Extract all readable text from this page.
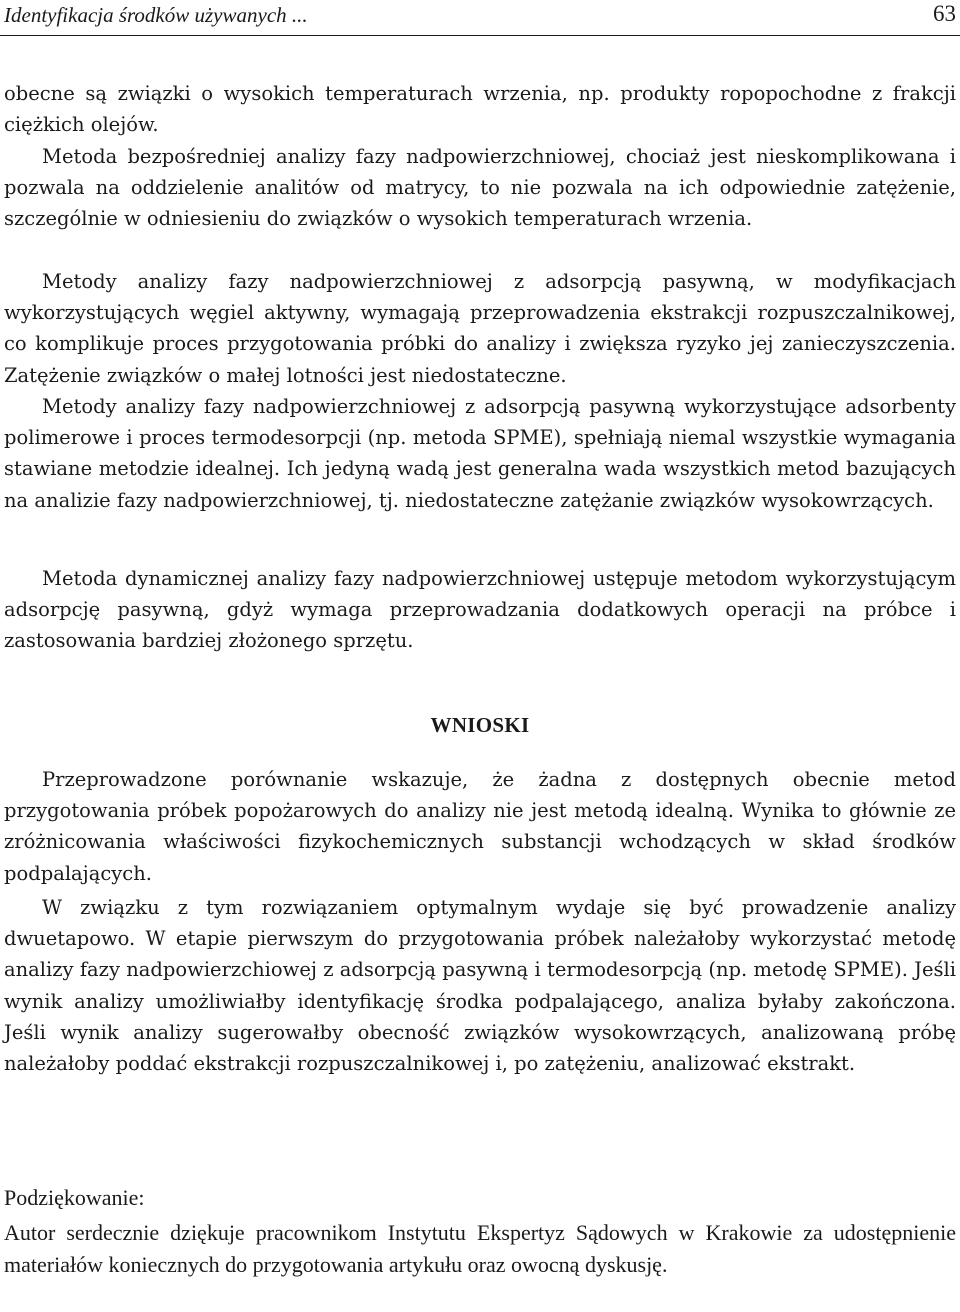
Identyfikacja środków używanych ...	63

obecne są związki o wysokich temperaturach wrzenia, np. produkty ropopochodne z frakcji ciężkich olejów.

Metoda bezpośredniej analizy fazy nadpowierzchniowej, chociaż jest nieskomplikowana i pozwala na oddzielenie analitów od matrycy, to nie pozwala na ich odpowiednie zatężenie, szczególnie w odniesieniu do związków o wysokich temperaturach wrzenia.

Metody analizy fazy nadpowierzchniowej z adsorpcją pasywną, w modyfikacjach wykorzystujących węgiel aktywny, wymagają przeprowadzenia ekstrakcji rozpuszczalnikowej, co komplikuje proces przygotowania próbki do analizy i zwiększa ryzyko jej zanieczyszczenia. Zatężenie związków o małej lotności jest niedostateczne.

Metody analizy fazy nadpowierzchniowej z adsorpcją pasywną wykorzystujące adsorbenty polimerowe i proces termodesorpcji (np. metoda SPME), spełniają niemal wszystkie wymagania stawiane metodzie idealnej. Ich jedyną wadą jest generalna wada wszystkich metod bazujących na analizie fazy nadpowierzchniowej, tj. niedostateczne zatężanie związków wysokowrzących.

Metoda dynamicznej analizy fazy nadpowierzchniowej ustępuje metodom wykorzystującym adsorpcję pasywną, gdyż wymaga przeprowadzania dodatkowych operacji na próbce i zastosowania bardziej złożonego sprzętu.

WNIOSKI

Przeprowadzone porównanie wskazuje, że żadna z dostępnych obecnie metod przygotowania próbek popożarowych do analizy nie jest metodą idealną. Wynika to głównie ze zróżnicowania właściwości fizykochemicznych substancji wchodzących w skład środków podpalających.

W związku z tym rozwiązaniem optymalnym wydaje się być prowadzenie analizy dwuetapowo. W etapie pierwszym do przygotowania próbek należałoby wykorzystać metodę analizy fazy nadpowierzchiowej z adsorpcją pasywną i termodesorpcją (np. metodę SPME). Jeśli wynik analizy umożliwiałby identyfikację środka podpalającego, analiza byłaby zakończona. Jeśli wynik analizy sugerowałby obecność związków wysokowrzących, analizowaną próbę należałoby poddać ekstrakcji rozpuszczalnikowej i, po zatężeniu, analizować ekstrakt.

Podziękowanie:

Autor serdecznie dziękuje pracownikom Instytutu Ekspertyz Sądowych w Krakowie za udostępnienie materiałów koniecznych do przygotowania artykułu oraz owocną dyskusję.
